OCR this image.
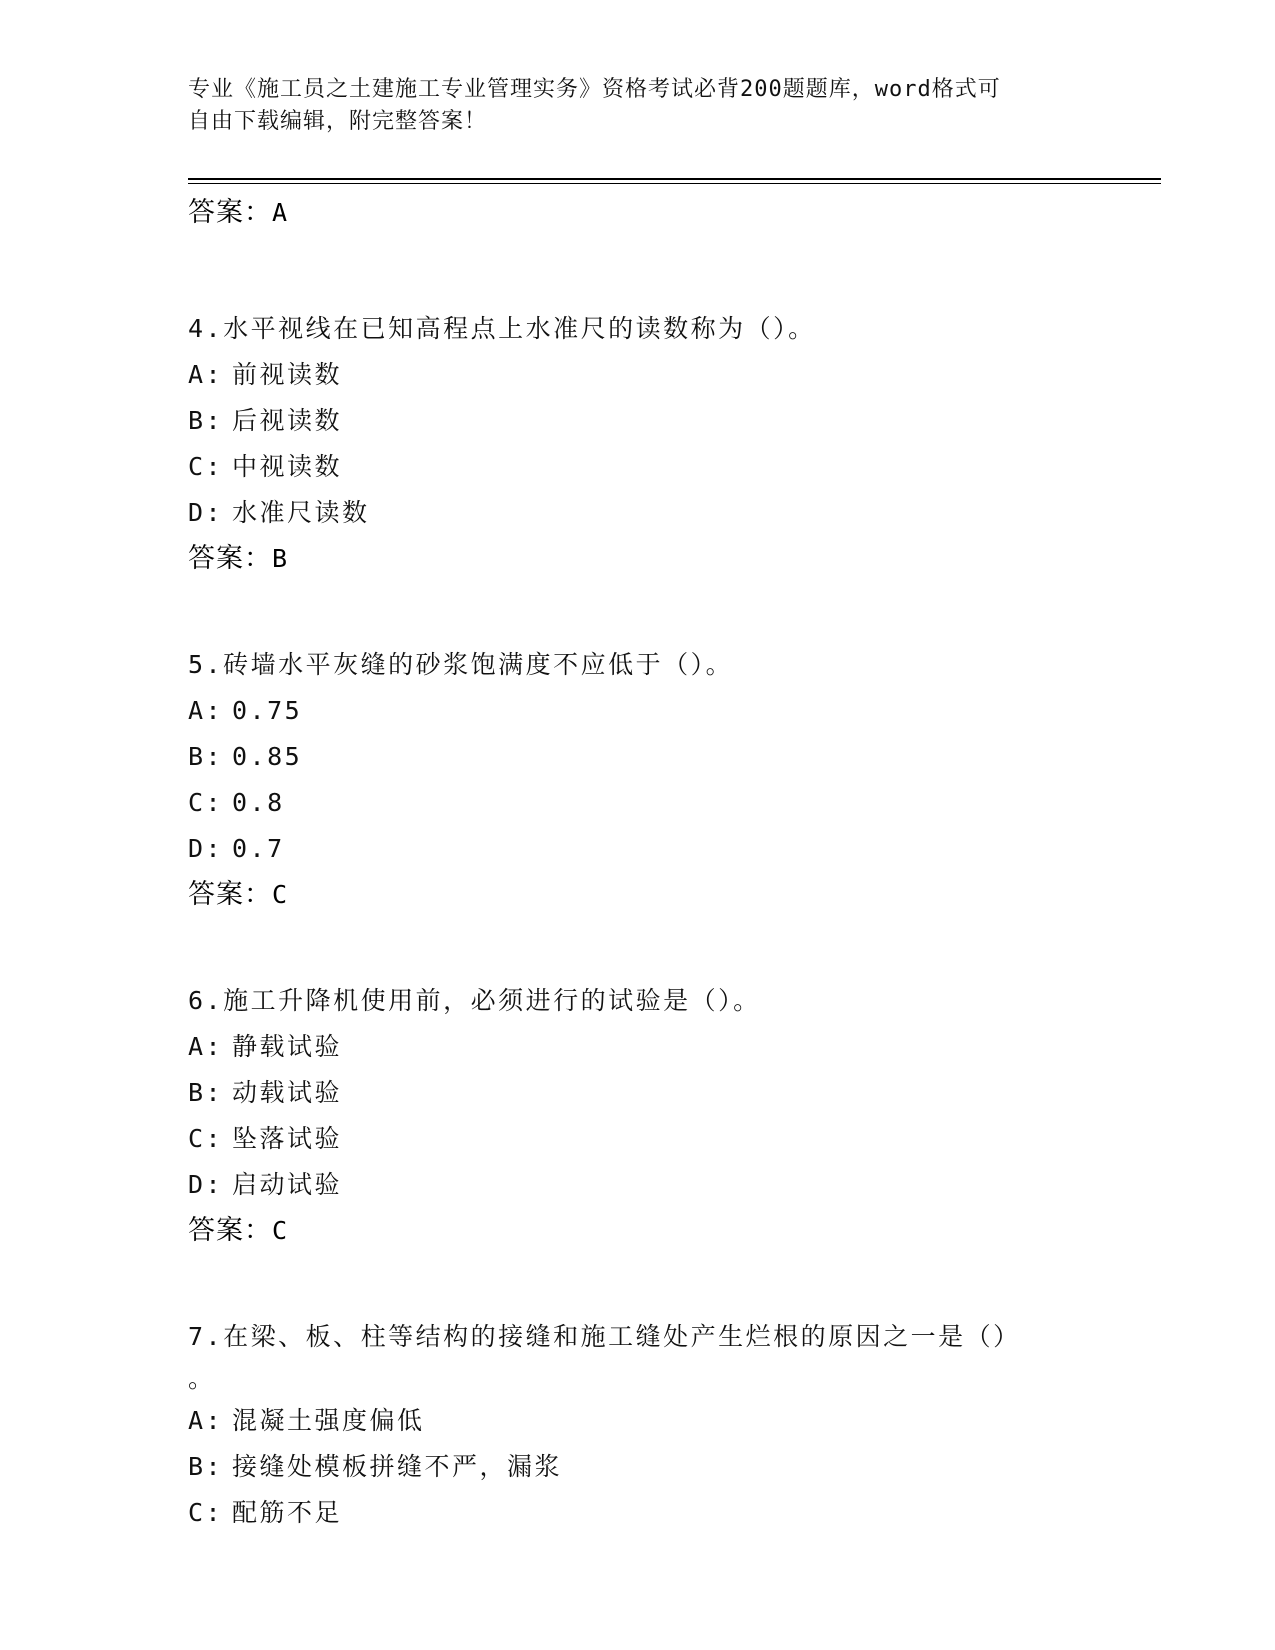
专业《施工员之土建施工专业管理实务》资格考试必背200题题库，word格式可
自由下载编辑，附完整答案！
答案：A
4.水平视线在已知高程点上水准尺的读数称为（）。
A: 前视读数
B: 后视读数
C: 中视读数
D: 水准尺读数
答案：B
5.砖墙水平灰缝的砂浆饱满度不应低于（）。
A: 0.75
B: 0.85
C: 0.8
D: 0.7
答案：C
6.施工升降机使用前，必须进行的试验是（）。
A: 静载试验
B: 动载试验
C: 坠落试验
D: 启动试验
答案：C
7.在梁、板、柱等结构的接缝和施工缝处产生烂根的原因之一是（）
。
A: 混凝土强度偏低
B: 接缝处模板拼缝不严，漏浆
C: 配筋不足
